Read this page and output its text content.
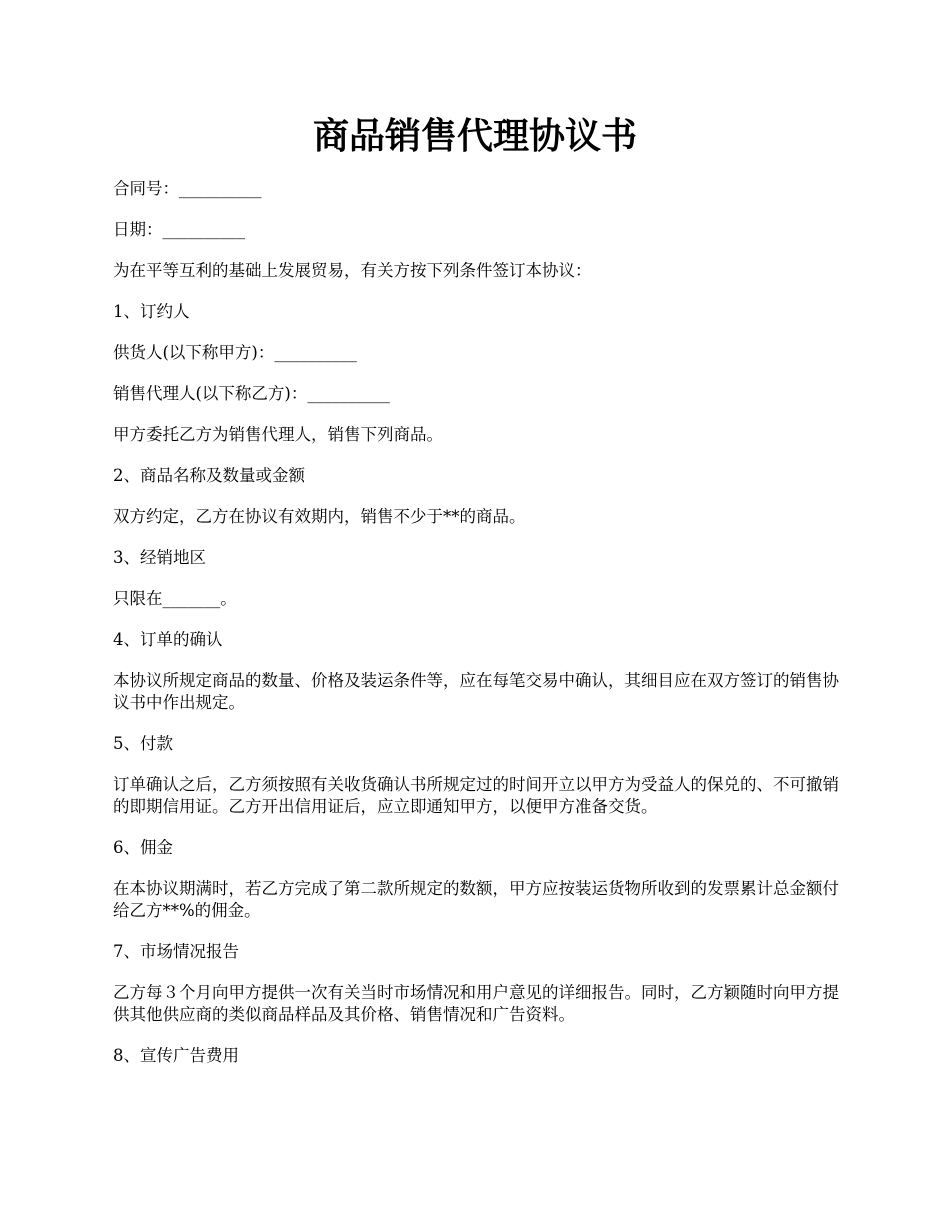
商品销售代理协议书

合同号：__________

日期：__________

为在平等互利的基础上发展贸易，有关方按下列条件签订本协议：

1、订约人

供货人(以下称甲方)：__________

销售代理人(以下称乙方)：__________

甲方委托乙方为销售代理人，销售下列商品。

2、商品名称及数量或金额

双方约定，乙方在协议有效期内，销售不少于**的商品。

3、经销地区

只限在_______。

4、订单的确认

本协议所规定商品的数量、价格及装运条件等，应在每笔交易中确认，其细目应在双方签订的销售协议书中作出规定。

5、付款

订单确认之后，乙方须按照有关收货确认书所规定过的时间开立以甲方为受益人的保兑的、不可撤销的即期信用证。乙方开出信用证后，应立即通知甲方，以便甲方准备交货。

6、佣金

在本协议期满时，若乙方完成了第二款所规定的数额，甲方应按装运货物所收到的发票累计总金额付给乙方**%的佣金。

7、市场情况报告

乙方每３个月向甲方提供一次有关当时市场情况和用户意见的详细报告。同时，乙方颖随时向甲方提供其他供应商的类似商品样品及其价格、销售情况和广告资料。

8、宣传广告费用
